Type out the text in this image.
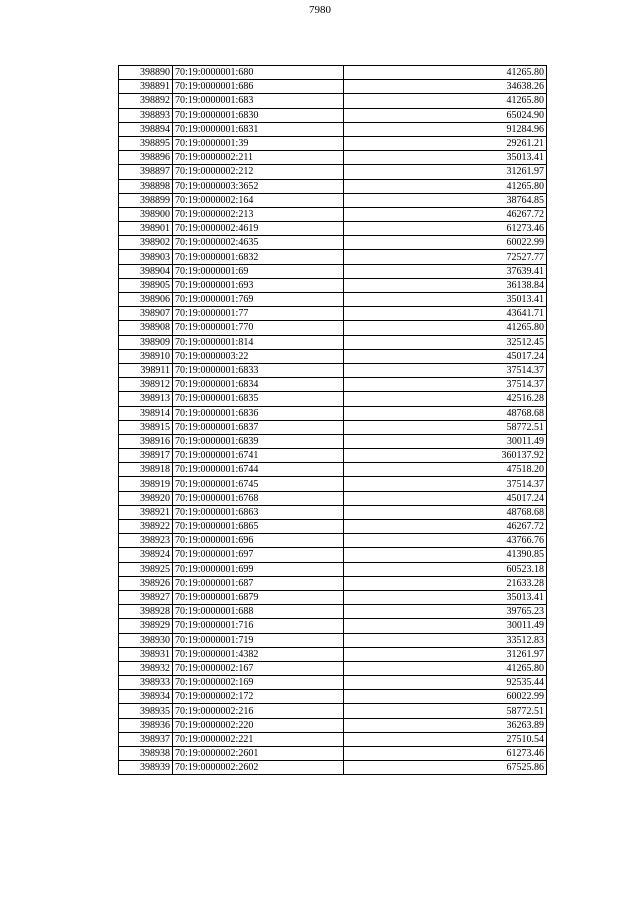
7980
398890	70:19:0000001:680	41265.80
398891	70:19:0000001:686	34638.26
398892	70:19:0000001:683	41265.80
398893	70:19:0000001:6830	65024.90
398894	70:19:0000001:6831	91284.96
398895	70:19:0000001:39	29261.21
398896	70:19:0000002:211	35013.41
398897	70:19:0000002:212	31261.97
398898	70:19:0000003:3652	41265.80
398899	70:19:0000002:164	38764.85
398900	70:19:0000002:213	46267.72
398901	70:19:0000002:4619	61273.46
398902	70:19:0000002:4635	60022.99
398903	70:19:0000001:6832	72527.77
398904	70:19:0000001:69	37639.41
398905	70:19:0000001:693	36138.84
398906	70:19:0000001:769	35013.41
398907	70:19:0000001:77	43641.71
398908	70:19:0000001:770	41265.80
398909	70:19:0000001:814	32512.45
398910	70:19:0000003:22	45017.24
398911	70:19:0000001:6833	37514.37
398912	70:19:0000001:6834	37514.37
398913	70:19:0000001:6835	42516.28
398914	70:19:0000001:6836	48768.68
398915	70:19:0000001:6837	58772.51
398916	70:19:0000001:6839	30011.49
398917	70:19:0000001:6741	360137.92
398918	70:19:0000001:6744	47518.20
398919	70:19:0000001:6745	37514.37
398920	70:19:0000001:6768	45017.24
398921	70:19:0000001:6863	48768.68
398922	70:19:0000001:6865	46267.72
398923	70:19:0000001:696	43766.76
398924	70:19:0000001:697	41390.85
398925	70:19:0000001:699	60523.18
398926	70:19:0000001:687	21633.28
398927	70:19:0000001:6879	35013.41
398928	70:19:0000001:688	39765.23
398929	70:19:0000001:716	30011.49
398930	70:19:0000001:719	33512.83
398931	70:19:0000001:4382	31261.97
398932	70:19:0000002:167	41265.80
398933	70:19:0000002:169	92535.44
398934	70:19:0000002:172	60022.99
398935	70:19:0000002:216	58772.51
398936	70:19:0000002:220	36263.89
398937	70:19:0000002:221	27510.54
398938	70:19:0000002:2601	61273.46
398939	70:19:0000002:2602	67525.86
